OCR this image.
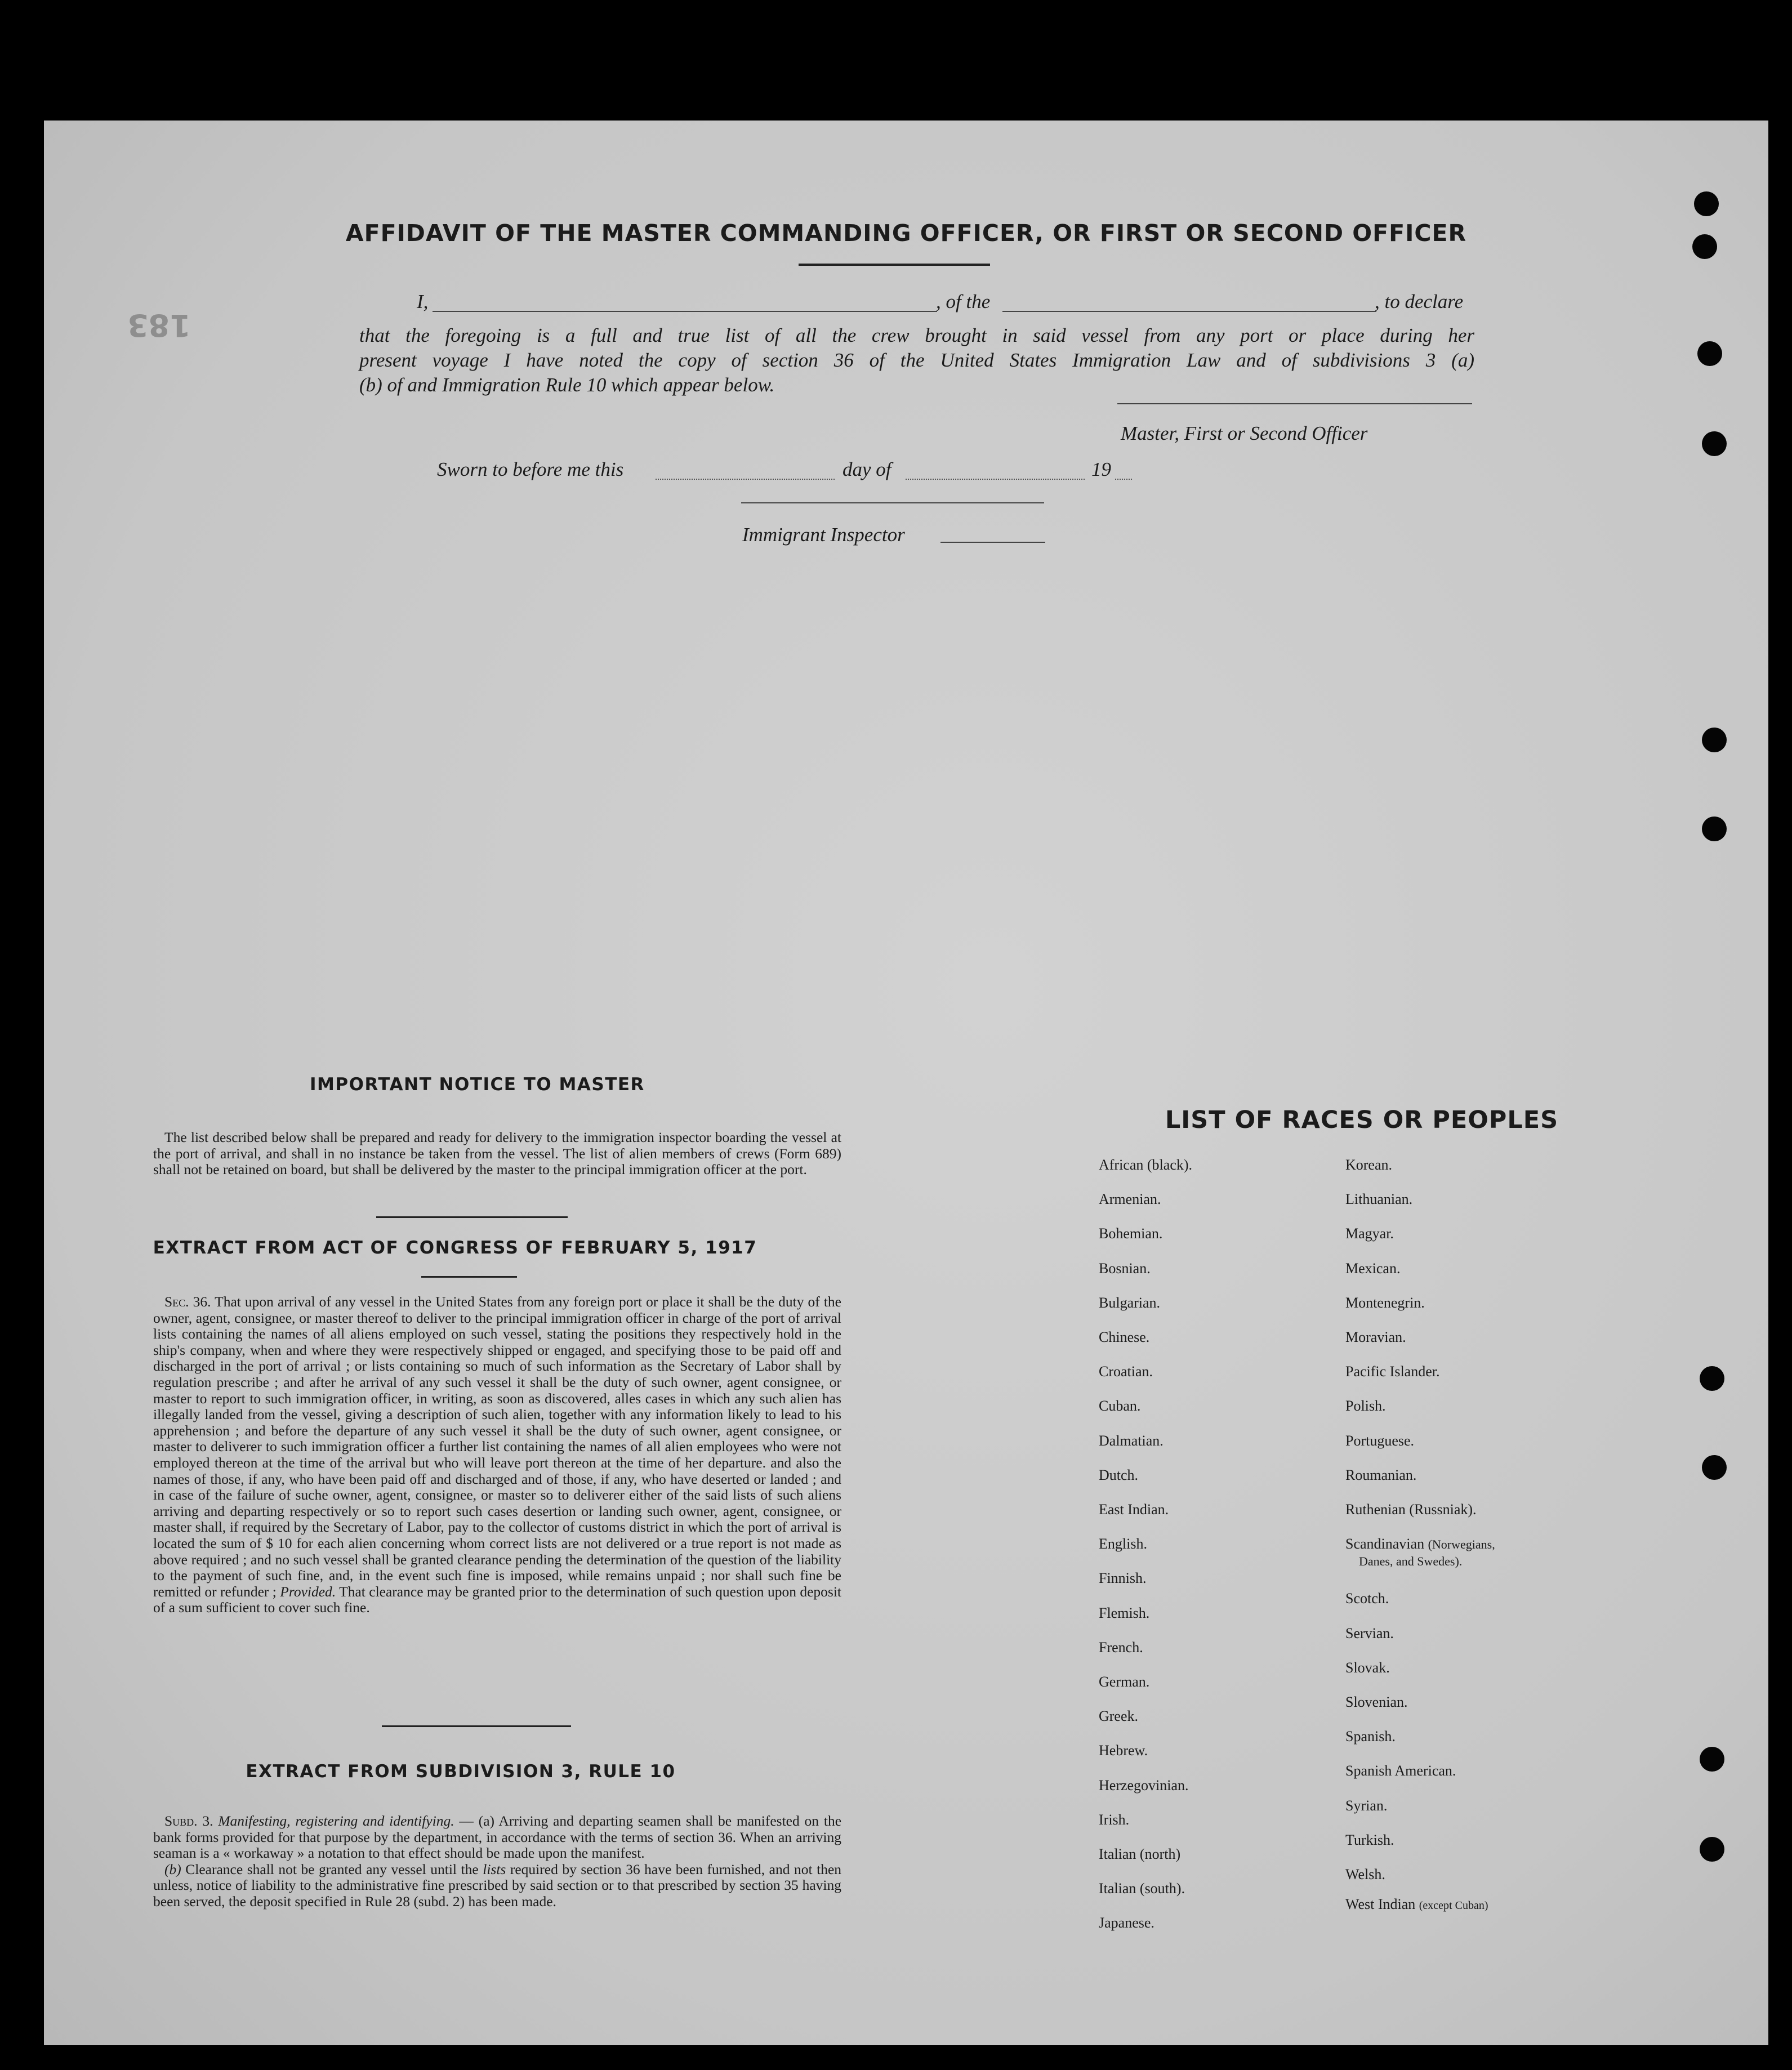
183
AFFIDAVIT OF THE MASTER COMMANDING OFFICER, OR FIRST OR SECOND OFFICER
I,	, of the	, to declare

that the foregoing is a full and true list of all the crew brought in said vessel from any port or place during her

present voyage I have noted the copy of section 36 of the United States Immigration Law and of subdivisions 3 (a)

(b) of and Immigration Rule 10 which appear below.

Master, First or Second Officer
Sworn to before me this	day of	19
Immigrant Inspector
IMPORTANT NOTICE TO MASTER

The list described below shall be prepared and ready for delivery to the immigration inspector boarding the vessel at the port of arrival, and shall in no instance be taken from the vessel. The list of alien members of crews (Form 689) shall not be retained on board, but shall be delivered by the master to the principal immigration officer at the port.

EXTRACT FROM ACT OF CONGRESS OF FEBRUARY 5, 1917

Sec. 36. That upon arrival of any vessel in the United States from any foreign port or place it shall be the duty of the owner, agent, consignee, or master thereof to deliver to the principal immigration officer in charge of the port of arrival lists containing the names of all aliens employed on such vessel, stating the positions they respectively hold in the ship's company, when and where they were respectively shipped or engaged, and specifying those to be paid off and discharged in the port of arrival ; or lists containing so much of such information as the Secretary of Labor shall by regulation prescribe ; and after he arrival of any such vessel it shall be the duty of such owner, agent consignee, or master to report to such immigration officer, in writing, as soon as discovered, alles cases in which any such alien has illegally landed from the vessel, giving a description of such alien, together with any information likely to lead to his apprehension ; and before the departure of any such vessel it shall be the duty of such owner, agent consignee, or master to deliverer to such immigration officer a further list containing the names of all alien employees who were not employed thereon at the time of the arrival but who will leave port thereon at the time of her departure. and also the names of those, if any, who have been paid off and discharged and of those, if any, who have deserted or landed ; and in case of the failure of suche owner, agent, consignee, or master so to deliverer either of the said lists of such aliens arriving and departing respectively or so to report such cases desertion or landing such owner, agent, consignee, or master shall, if required by the Secretary of Labor, pay to the collector of customs district in which the port of arrival is located the sum of $ 10 for each alien concerning whom correct lists are not delivered or a true report is not made as above required ; and no such vessel shall be granted clearance pending the determination of the question of the liability to the payment of such fine, and, in the event such fine is imposed, while remains unpaid ; nor shall such fine be remitted or refunder ; Provided. That clearance may be granted prior to the determination of such question upon deposit of a sum sufficient to cover such fine.

EXTRACT FROM SUBDIVISION 3, RULE 10

Subd. 3. Manifesting, registering and identifying. — (a) Arriving and departing seamen shall be manifested on the bank forms provided for that purpose by the department, in accordance with the terms of section 36. When an arriving seaman is a « workaway » a notation to that effect should be made upon the manifest.

(b) Clearance shall not be granted any vessel until the lists required by section 36 have been furnished, and not then unless, notice of liability to the administrative fine prescribed by said section or to that prescribed by section 35 having been served, the deposit specified in Rule 28 (subd. 2) has been made.

LIST OF RACES OR PEOPLES
African (black).
Armenian.
Bohemian.
Bosnian.
Bulgarian.
Chinese.
Croatian.
Cuban.
Dalmatian.
Dutch.
East Indian.
English.
Finnish.
Flemish.
French.
German.
Greek.
Hebrew.
Herzegovinian.
Irish.
Italian (north)
Italian (south).
Japanese.
Korean.
Lithuanian.
Magyar.
Mexican.
Montenegrin.
Moravian.
Pacific Islander.
Polish.
Portuguese.
Roumanian.
Ruthenian (Russniak).
Scandinavian (Norwegians,
Danes, and Swedes).
Scotch.
Servian.
Slovak.
Slovenian.
Spanish.
Spanish American.
Syrian.
Turkish.
Welsh.
West Indian (except Cuban)
